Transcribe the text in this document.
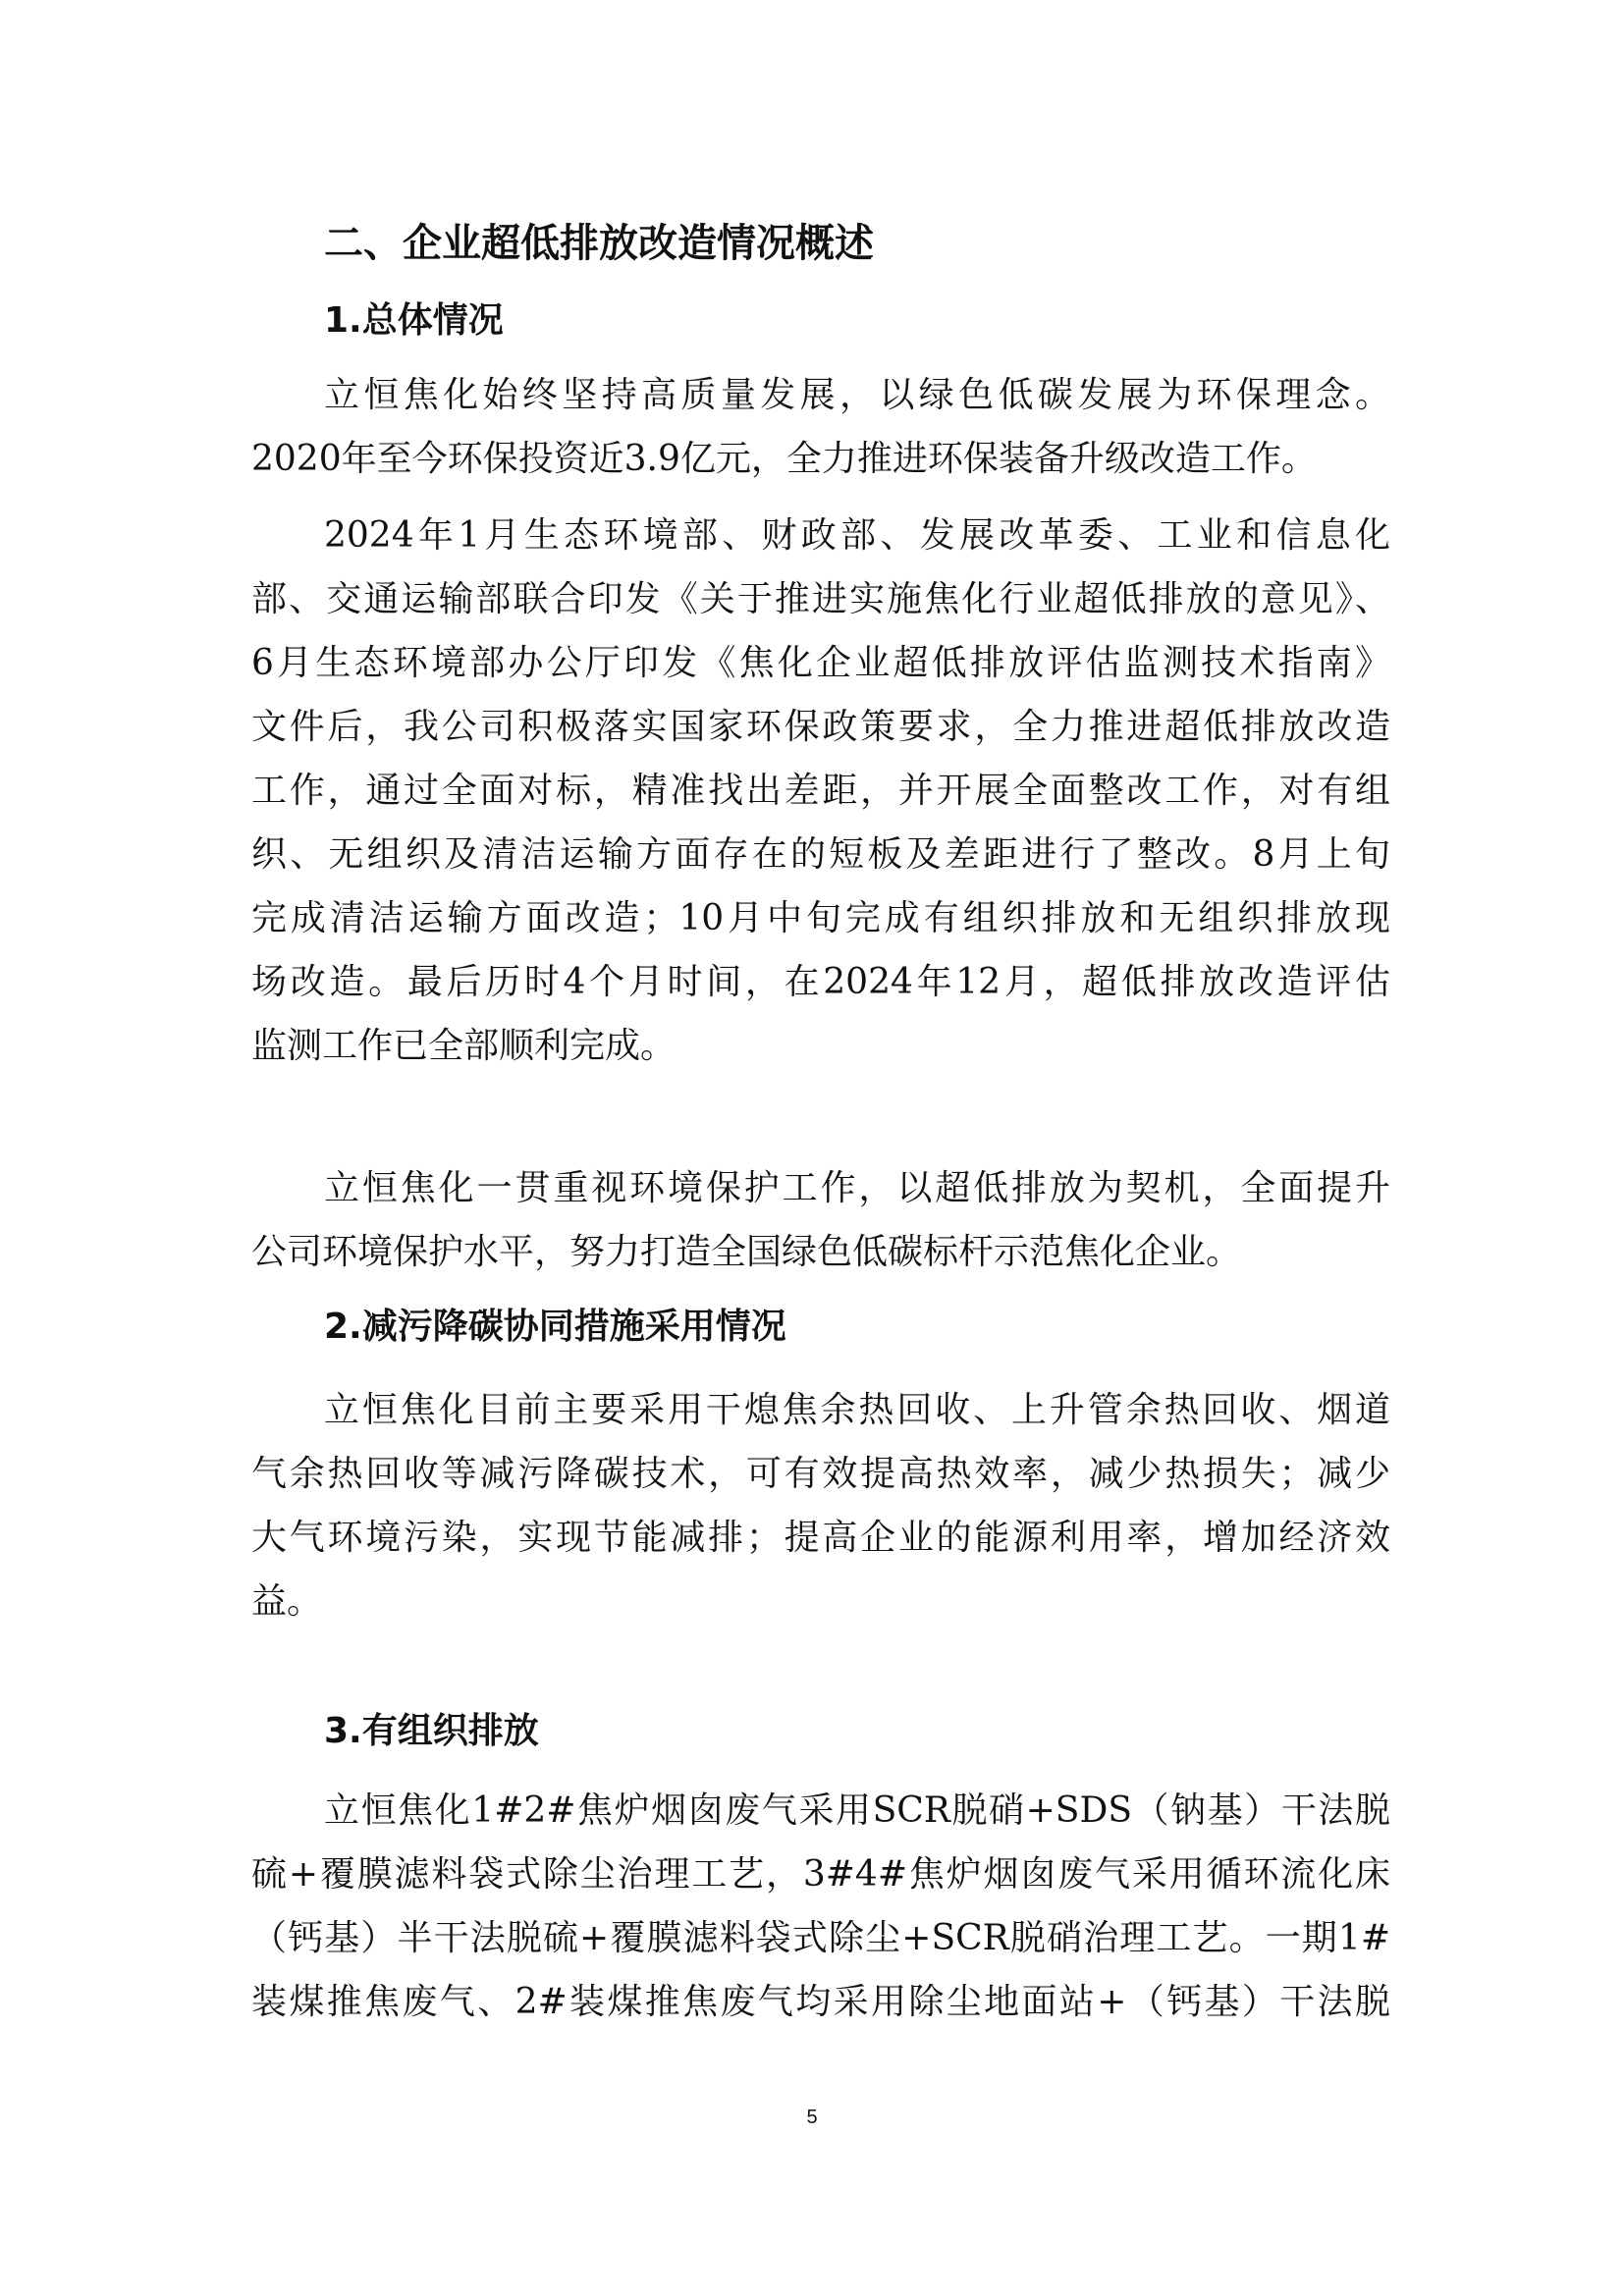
二、企业超低排放改造情况概述
1.总体情况
立恒焦化始终坚持高质量发展，以绿色低碳发展为环保理念。
2020年至今环保投资近3.9亿元，全力推进环保装备升级改造工作。
2024年1月生态环境部、财政部、发展改革委、工业和信息化
部、交通运输部联合印发《关于推进实施焦化行业超低排放的意见》、
6月生态环境部办公厅印发《焦化企业超低排放评估监测技术指南》
文件后，我公司积极落实国家环保政策要求，全力推进超低排放改造
工作，通过全面对标，精准找出差距，并开展全面整改工作，对有组
织、无组织及清洁运输方面存在的短板及差距进行了整改。8月上旬
完成清洁运输方面改造；10月中旬完成有组织排放和无组织排放现
场改造。最后历时4个月时间，在2024年12月，超低排放改造评估
监测工作已全部顺利完成。
立恒焦化一贯重视环境保护工作，以超低排放为契机，全面提升
公司环境保护水平，努力打造全国绿色低碳标杆示范焦化企业。
2.减污降碳协同措施采用情况
立恒焦化目前主要采用干熄焦余热回收、上升管余热回收、烟道
气余热回收等减污降碳技术，可有效提高热效率，减少热损失；减少
大气环境污染，实现节能减排；提高企业的能源利用率，增加经济效
益。
3.有组织排放
立恒焦化1#2#焦炉烟囱废气采用SCR脱硝+SDS（钠基）干法脱
硫+覆膜滤料袋式除尘治理工艺，3#4#焦炉烟囱废气采用循环流化床
（钙基）半干法脱硫+覆膜滤料袋式除尘+SCR脱硝治理工艺。一期1#
装煤推焦废气、2#装煤推焦废气均采用除尘地面站+（钙基）干法脱
5
